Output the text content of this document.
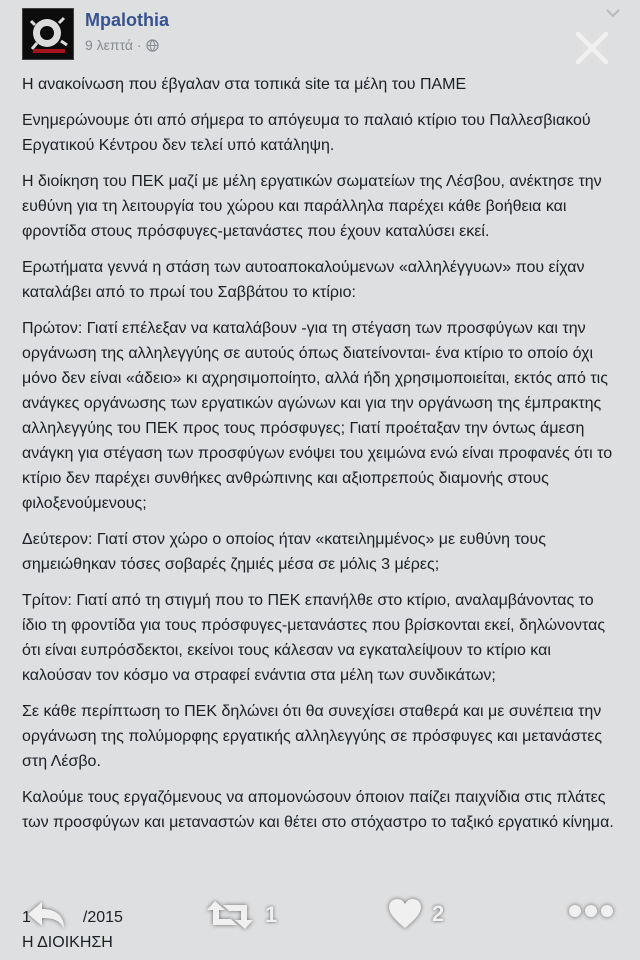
Mpalothia
9 λεπτά ·

Η ανακοίνωση που έβγαλαν στα τοπικά site τα μέλη του ΠΑΜΕ

Ενημερώνουμε ότι από σήμερα το απόγευμα το παλαιό κτίριο του Παλλεσβιακού Εργατικού Κέντρου δεν τελεί υπό κατάληψη.

Η διοίκηση του ΠΕΚ μαζί με μέλη εργατικών σωματείων της Λέσβου, ανέκτησε την ευθύνη για τη λειτουργία του χώρου και παράλληλα παρέχει κάθε βοήθεια και φροντίδα στους πρόσφυγες-μετανάστες που έχουν καταλύσει εκεί.

Ερωτήματα γεννά η στάση των αυτοαποκαλούμενων «αλληλέγγυων» που είχαν καταλάβει από το πρωί του Σαββάτου το κτίριο:

Πρώτον: Γιατί επέλεξαν να καταλάβουν -για τη στέγαση των προσφύγων και την οργάνωση της αλληλεγγύης σε αυτούς όπως διατείνονται- ένα κτίριο το οποίο όχι μόνο δεν είναι «άδειο» κι αχρησιμοποίητο, αλλά ήδη χρησιμοποιείται, εκτός από τις ανάγκες οργάνωσης των εργατικών αγώνων και για την οργάνωση της έμπρακτης αλληλεγγύης του ΠΕΚ προς τους πρόσφυγες; Γιατί προέταξαν την όντως άμεση ανάγκη για στέγαση των προσφύγων ενόψει του χειμώνα ενώ είναι προφανές ότι το κτίριο δεν παρέχει συνθήκες ανθρώπινης και αξιοπρεπούς διαμονής στους φιλοξενούμενους;

Δεύτερον: Γιατί στον χώρο ο οποίος ήταν «κατειλημμένος» με ευθύνη τους σημειώθηκαν τόσες σοβαρές ζημιές μέσα σε μόλις 3 μέρες;

Τρίτον: Γιατί από τη στιγμή που το ΠΕΚ επανήλθε στο κτίριο, αναλαμβάνοντας το ίδιο τη φροντίδα για τους πρόσφυγες-μετανάστες που βρίσκονται εκεί, δηλώνοντας ότι είναι ευπρόσδεκτοι, εκείνοι τους κάλεσαν να εγκαταλείψουν το κτίριο και καλούσαν τον κόσμο να στραφεί ενάντια στα μέλη των συνδικάτων;

Σε κάθε περίπτωση το ΠΕΚ δηλώνει ότι θα συνεχίσει σταθερά και με συνέπεια την οργάνωση της πολύμορφης εργατικής αλληλεγγύης σε πρόσφυγες και μετανάστες στη Λέσβο.

Καλούμε τους εργαζόμενους να απομονώσουν όποιον παίζει παιχνίδια στις πλάτες των προσφύγων και μεταναστών και θέτει στο στόχαστρο το ταξικό εργατικό κίνημα.

1	/2015
Η ΔΙΟΙΚΗΣΗ
1	2
